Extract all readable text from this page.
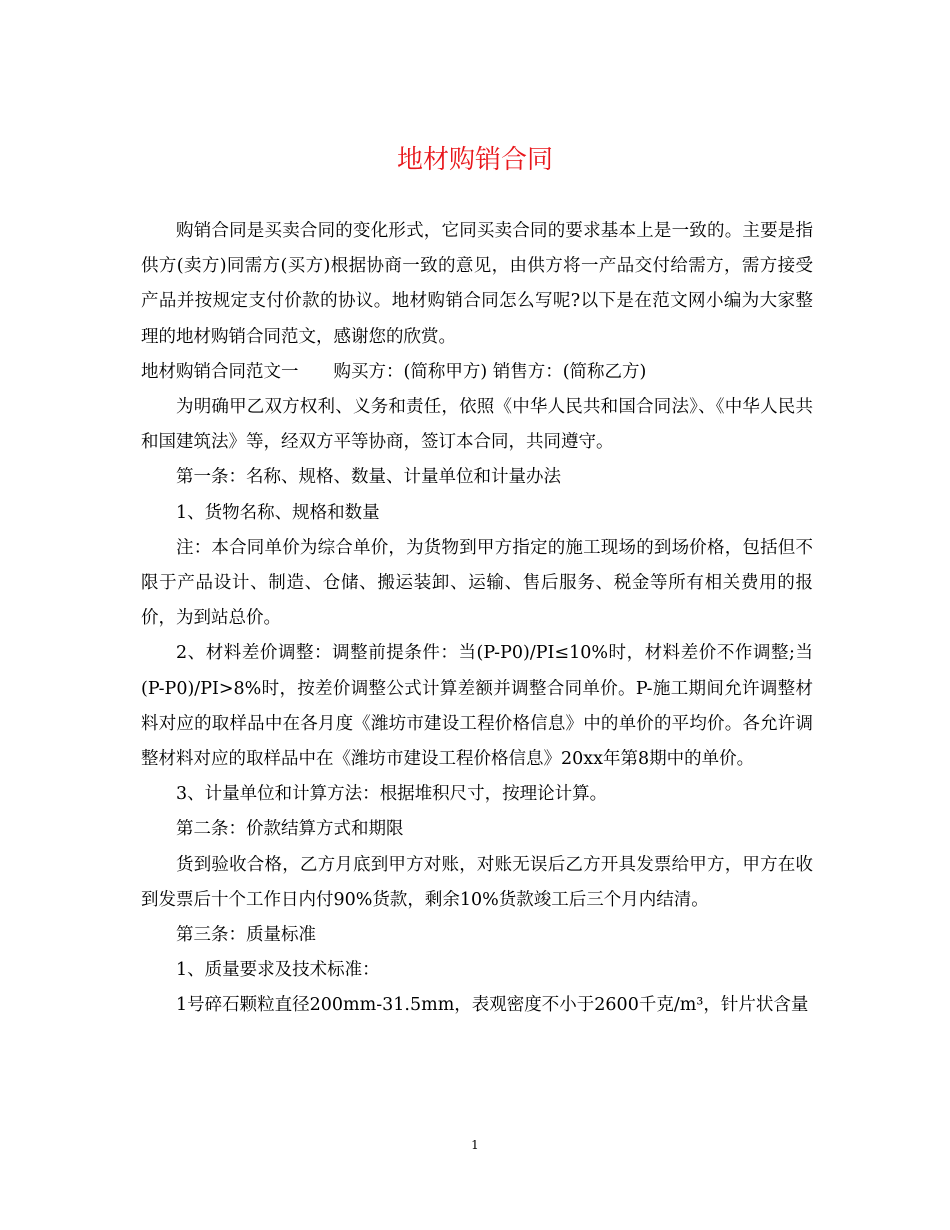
地材购销合同

购销合同是买卖合同的变化形式，它同买卖合同的要求基本上是一致的。主要是指供方(卖方)同需方(买方)根据协商一致的意见，由供方将一产品交付给需方，需方接受产品并按规定支付价款的协议。地材购销合同怎么写呢?以下是在范文网小编为大家整理的地材购销合同范文，感谢您的欣赏。

地材购销合同范文一　　购买方：(简称甲方) 销售方：(简称乙方)

为明确甲乙双方权利、义务和责任，依照《中华人民共和国合同法》、《中华人民共和国建筑法》等，经双方平等协商，签订本合同，共同遵守。

第一条：名称、规格、数量、计量单位和计量办法

1、货物名称、规格和数量

注：本合同单价为综合单价，为货物到甲方指定的施工现场的到场价格，包括但不限于产品设计、制造、仓储、搬运装卸、运输、售后服务、税金等所有相关费用的报价，为到站总价。

2、材料差价调整：调整前提条件：当(P-P0)/PI≤10%时，材料差价不作调整;当(P-P0)/PI>8%时，按差价调整公式计算差额并调整合同单价。P-施工期间允许调整材料对应的取样品中在各月度《潍坊市建设工程价格信息》中的单价的平均价。各允许调整材料对应的取样品中在《潍坊市建设工程价格信息》20xx年第8期中的单价。

3、计量单位和计算方法：根据堆积尺寸，按理论计算。

第二条：价款结算方式和期限

货到验收合格，乙方月底到甲方对账，对账无误后乙方开具发票给甲方，甲方在收到发票后十个工作日内付90%货款，剩余10%货款竣工后三个月内结清。

第三条：质量标准

1、质量要求及技术标准：

1号碎石颗粒直径200mm-31.5mm，表观密度不小于2600千克/m³，针片状含量

1
